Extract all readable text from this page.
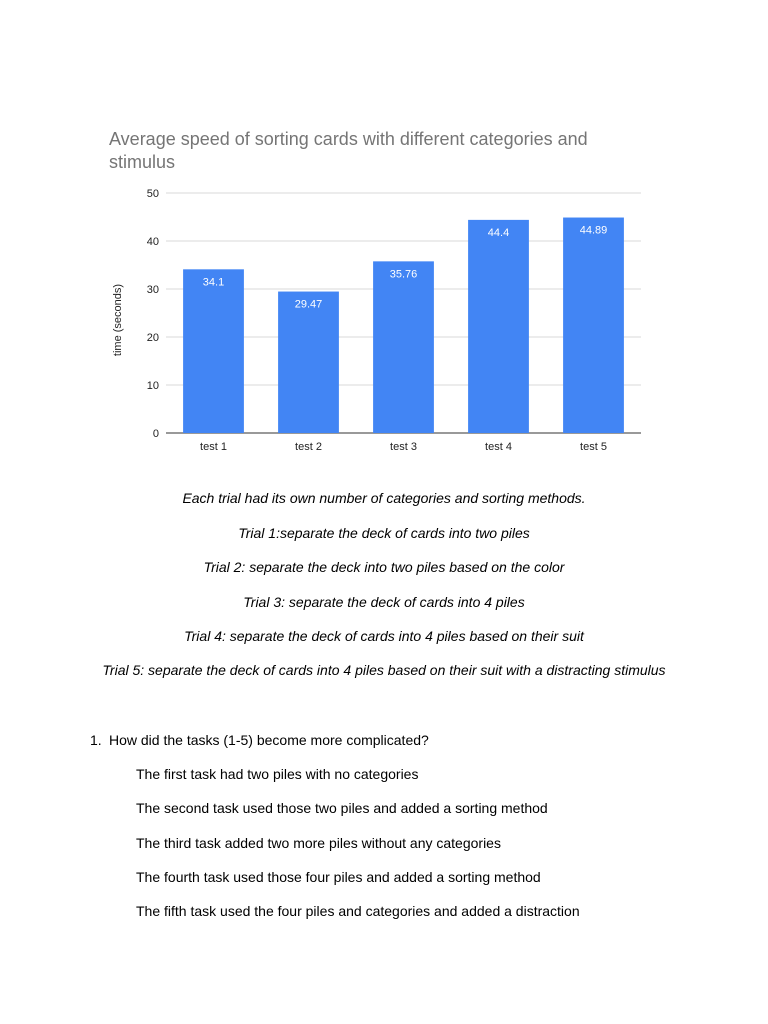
Average speed of sorting cards with different categories and stimulus
0
10
20
30
40
50
34.1
29.47
35.76
44.4	44.89
test 1	test 2	test 3	test 4	test 5
time (seconds)
Each trial had its own number of categories and sorting methods.
Trial 1:separate the deck of cards into two piles
Trial 2: separate the deck into two piles based on the color
Trial 3: separate the deck of cards into 4 piles
Trial 4: separate the deck of cards into 4 piles based on their suit
Trial 5: separate the deck of cards into 4 piles based on their suit with a distracting stimulus
1. How did the tasks (1-5) become more complicated?
The first task had two piles with no categories
The second task used those two piles and added a sorting method
The third task added two more piles without any categories
The fourth task used those four piles and added a sorting method
The fifth task used the four piles and categories and added a distraction
